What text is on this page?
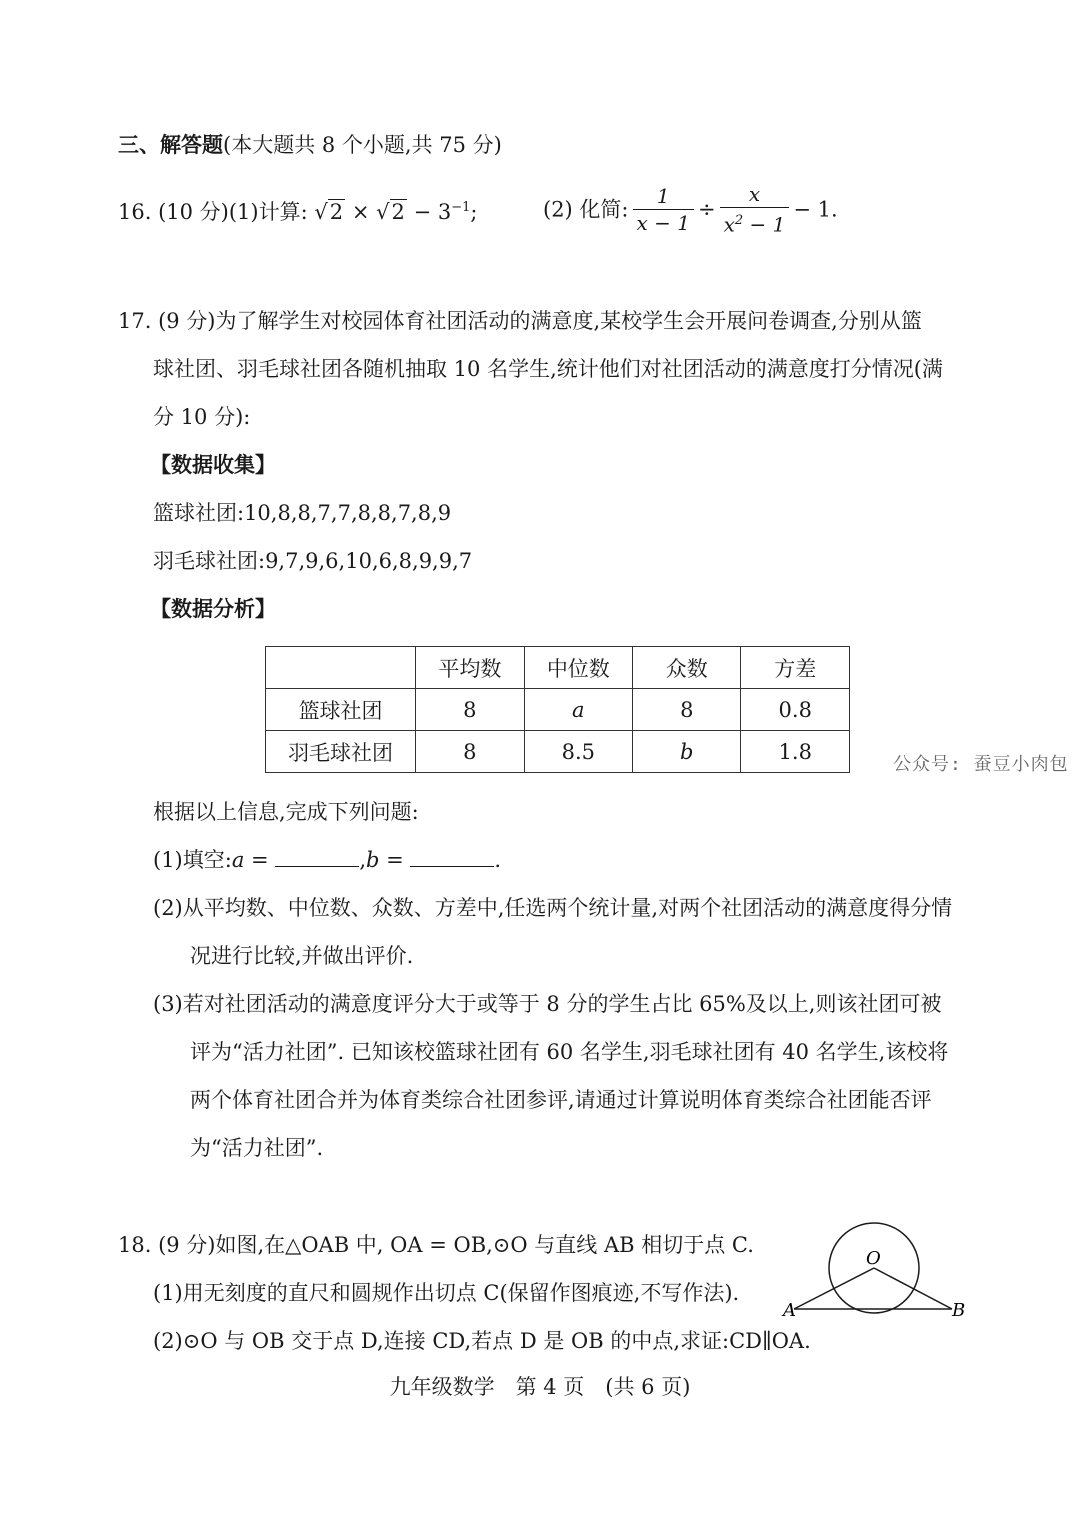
三、解答题(本大题共 8 个小题,共 75 分)
16. (10 分)(1)计算: $√2 \times √2 - 3^{-1}$;	(2) 化简: $\frac{1}{x - 1} \div \frac{x}{x^2 - 1} - 1$.
17. (9 分)为了解学生对校园体育社团活动的满意度,某校学生会开展问卷调查,分别从篮
球社团、羽毛球社团各随机抽取 10 名学生,统计他们对社团活动的满意度打分情况(满
分 10 分):
【数据收集】
篮球社团:10,8,8,7,7,8,8,7,8,9
羽毛球社团:9,7,9,6,10,6,8,9,9,7
【数据分析】
	平均数	中位数	众数	方差
篮球社团	8	a	8	0.8
羽毛球社团	8	8.5	b	1.8
公众号: 蚕豆小肉包
根据以上信息,完成下列问题:
(1)填空:a =	,b =	.
(2)从平均数、中位数、众数、方差中,任选两个统计量,对两个社团活动的满意度得分情
况进行比较,并做出评价.
(3)若对社团活动的满意度评分大于或等于 8 分的学生占比 65%及以上,则该社团可被
评为“活力社团”. 已知该校篮球社团有 60 名学生,羽毛球社团有 40 名学生,该校将
两个体育社团合并为体育类综合社团参评,请通过计算说明体育类综合社团能否评
为“活力社团”.
18. (9 分)如图,在△OAB 中, OA = OB,⊙O 与直线 AB 相切于点 C.
(1)用无刻度的直尺和圆规作出切点 C(保留作图痕迹,不写作法).
(2)⊙O 与 OB 交于点 D,连接 CD,若点 D 是 OB 的中点,求证:CD∥OA.
O
A	B
九年级数学　第 4 页　(共 6 页)
